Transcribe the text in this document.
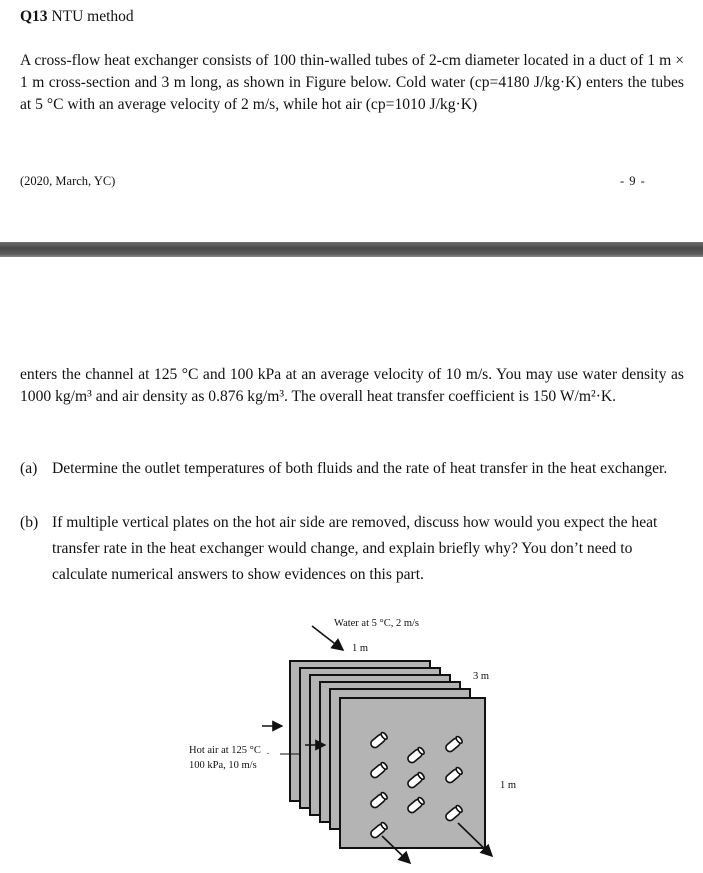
Q13 NTU method
A cross-flow heat exchanger consists of 100 thin-walled tubes of 2-cm diameter located in a duct of 1 m × 1 m cross-section and 3 m long, as shown in Figure below. Cold water (cp=4180 J/kg·K) enters the tubes at 5 °C with an average velocity of 2 m/s, while hot air (cp=1010 J/kg·K)
(2020, March, YC)	- 9 -
enters the channel at 125 °C and 100 kPa at an average velocity of 10 m/s. You may use water density as 1000 kg/m³ and air density as 0.876 kg/m³. The overall heat transfer coefficient is 150 W/m²·K.
(a) Determine the outlet temperatures of both fluids and the rate of heat transfer in the heat exchanger.
(b) If multiple vertical plates on the hot air side are removed, discuss how would you expect the heat transfer rate in the heat exchanger would change, and explain briefly why? You don’t need to calculate numerical answers to show evidences on this part.
Water at 5 °C, 2 m/s
1 m
3 m
1 m
Hot air at 125 °C
100 kPa, 10 m/s
